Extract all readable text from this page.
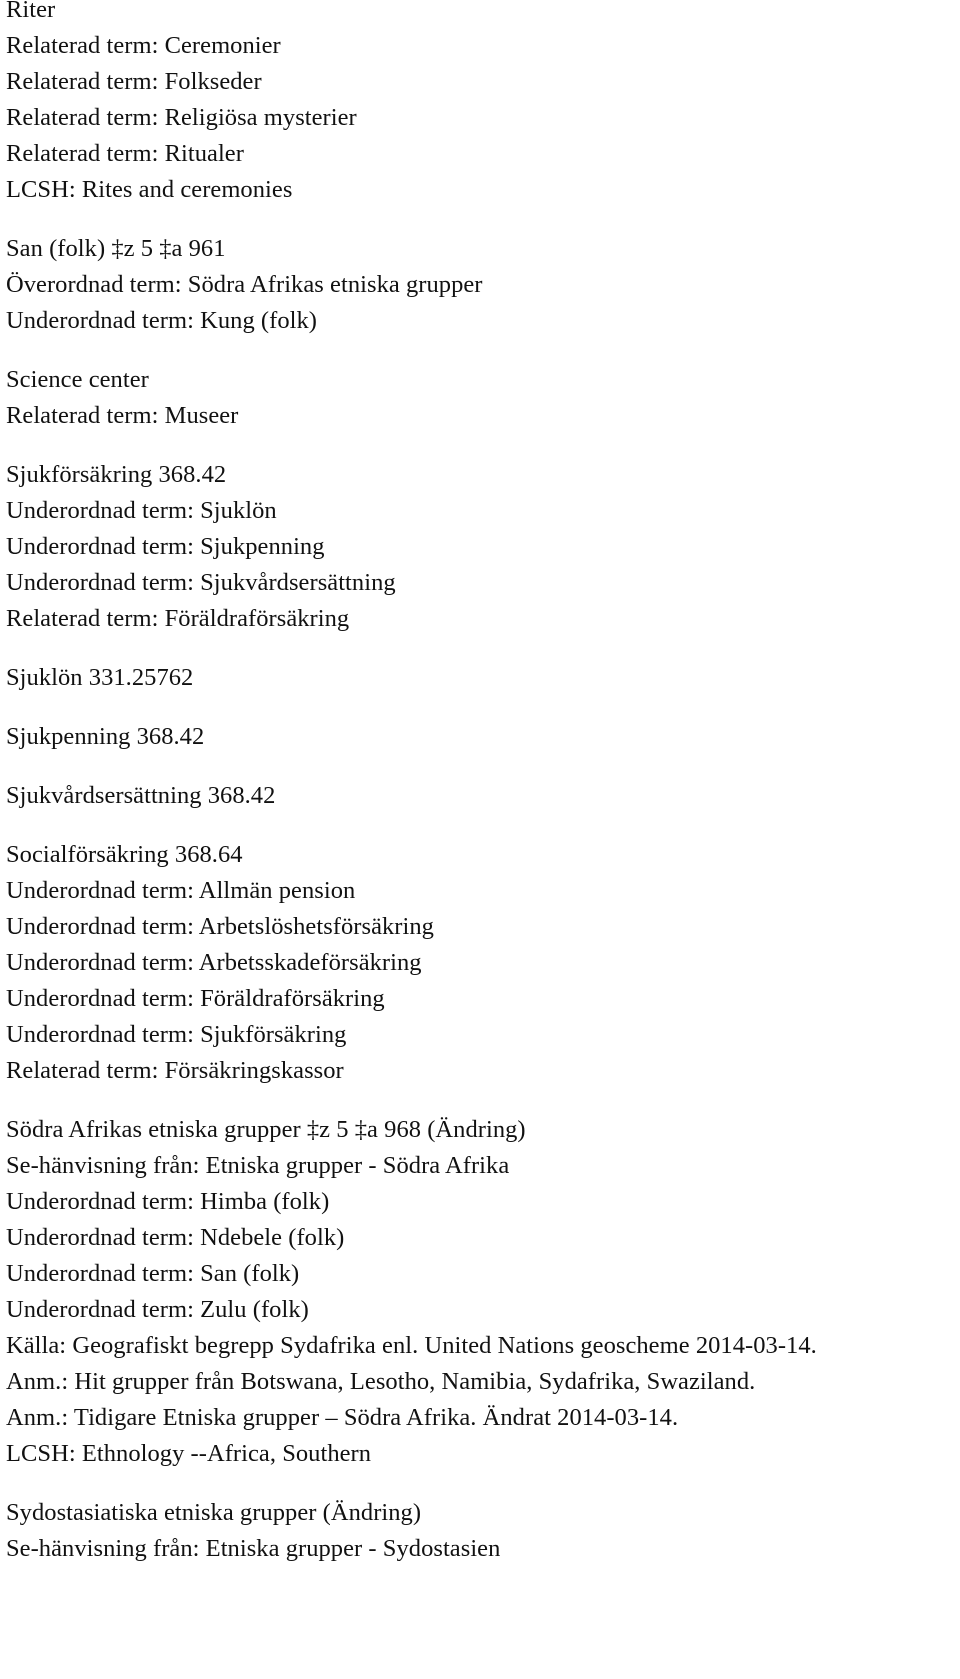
Riter
Relaterad term: Ceremonier
Relaterad term: Folkseder
Relaterad term: Religiösa mysterier
Relaterad term: Ritualer
LCSH: Rites and ceremonies
San (folk) ‡z 5 ‡a 961
Överordnad term: Södra Afrikas etniska grupper
Underordnad term: Kung (folk)
Science center
Relaterad term: Museer
Sjukförsäkring 368.42
Underordnad term: Sjuklön
Underordnad term: Sjukpenning
Underordnad term: Sjukvårdsersättning
Relaterad term: Föräldraförsäkring
Sjuklön 331.25762
Sjukpenning 368.42
Sjukvårdsersättning 368.42
Socialförsäkring 368.64
Underordnad term: Allmän pension
Underordnad term: Arbetslöshetsförsäkring
Underordnad term: Arbetsskadeförsäkring
Underordnad term: Föräldraförsäkring
Underordnad term: Sjukförsäkring
Relaterad term: Försäkringskassor
Södra Afrikas etniska grupper ‡z 5 ‡a 968 (Ändring)
Se-hänvisning från: Etniska grupper - Södra Afrika
Underordnad term: Himba (folk)
Underordnad term: Ndebele (folk)
Underordnad term: San (folk)
Underordnad term: Zulu (folk)
Källa: Geografiskt begrepp Sydafrika enl. United Nations geoscheme 2014-03-14.
Anm.: Hit grupper från Botswana, Lesotho, Namibia, Sydafrika, Swaziland.
Anm.: Tidigare Etniska grupper – Södra Afrika. Ändrat 2014-03-14.
LCSH: Ethnology --Africa, Southern
Sydostasiatiska etniska grupper (Ändring)
Se-hänvisning från: Etniska grupper - Sydostasien
